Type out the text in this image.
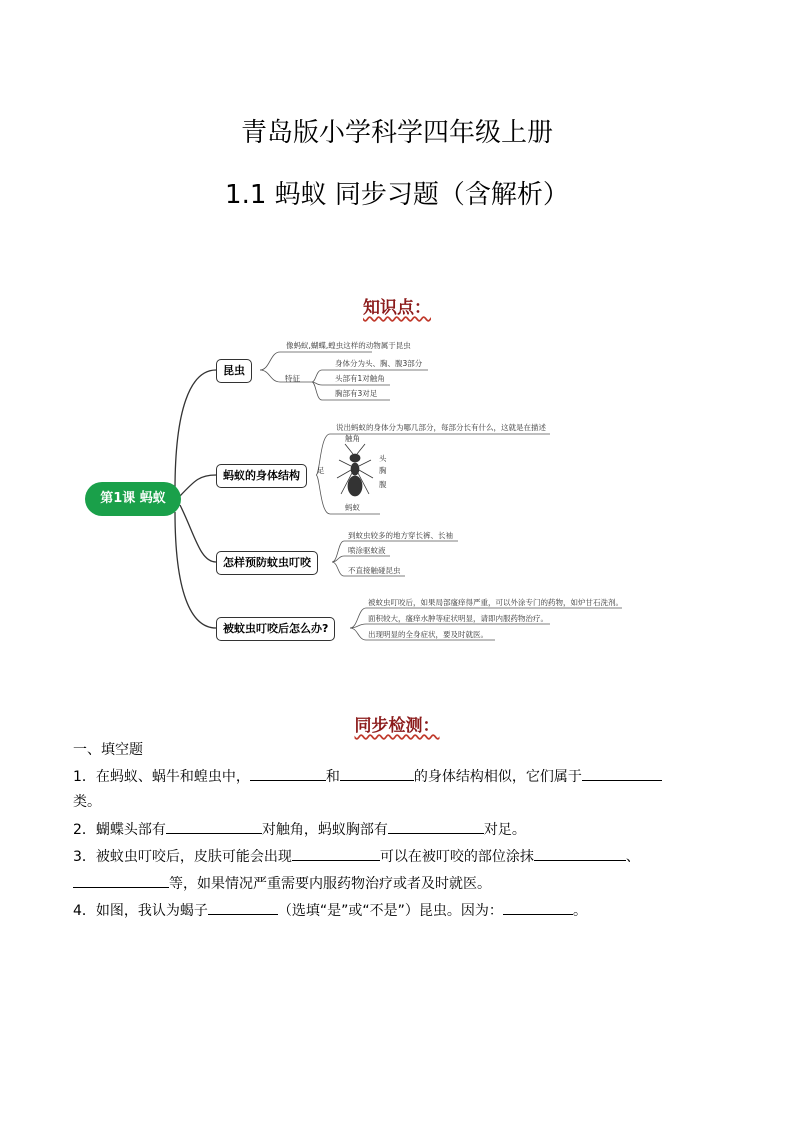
青岛版小学科学四年级上册
1.1 蚂蚁 同步习题（含解析）
知识点：
第1课 蚂蚁
昆虫
蚂蚁的身体结构
怎样预防蚊虫叮咬
被蚊虫叮咬后怎么办?
像蚂蚁,蝴蝶,蝗虫这样的动物属于昆虫
特征
身体分为头、胸、腹3部分
头部有1对触角
胸部有3对足
说出蚂蚁的身体分为哪几部分，每部分长有什么，这就是在描述
触角
头
胸
腹
足
蚂蚁
到蚊虫较多的地方穿长裤、长袖
喷涂驱蚊液
不直接触碰昆虫
被蚊虫叮咬后，如果局部瘙痒得严重，可以外涂专门的药物，如炉甘石洗剂。
面积较大，瘙痒水肿等症状明显，请即内服药物治疗。
出现明显的全身症状，要及时就医。
同步检测：
一、填空题
1．在蚂蚁、蜗牛和蝗虫中，	和	的身体结构相似，它们属于
类。
2．蝴蝶头部有	对触角，蚂蚁胸部有	对足。
3．被蚊虫叮咬后，皮肤可能会出现	可以在被叮咬的部位涂抹	、
等，如果情况严重需要内服药物治疗或者及时就医。
4．如图，我认为蝎子	（选填“是”或“不是”）昆虫。因为：	。
